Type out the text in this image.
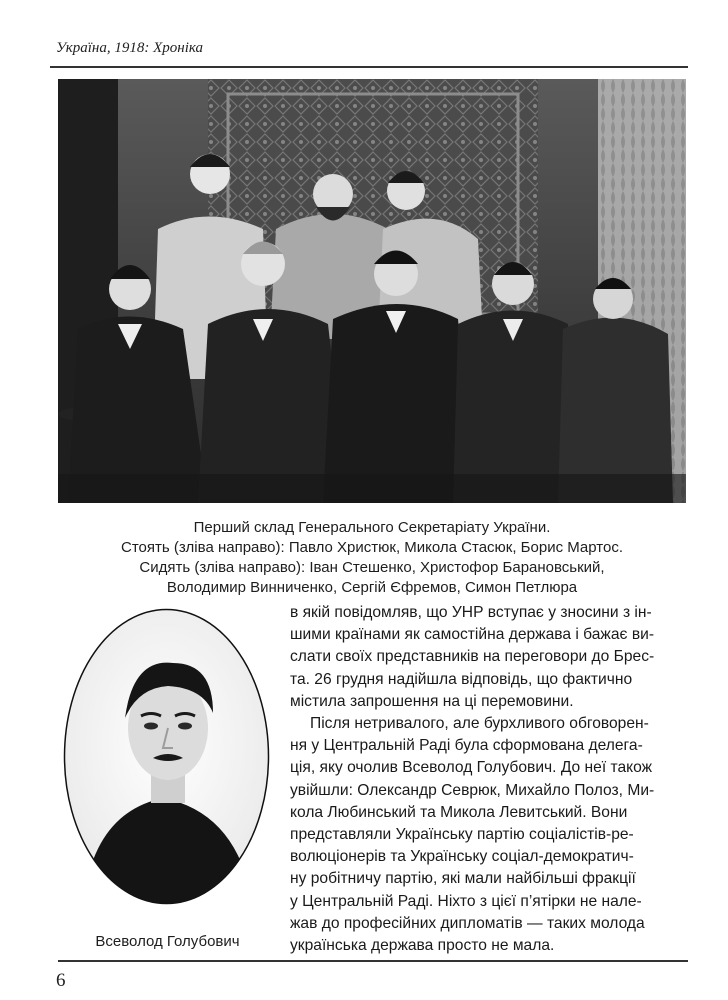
Україна, 1918: Хроніка
Перший склад Генерального Секретаріату України.
Стоять (зліва направо): Павло Христюк, Микола Стасюк, Борис Мартос.
Сидять (зліва направо): Іван Стешенко, Христофор Барановський,
Володимир Винниченко, Сергій Єфремов, Симон Петлюра
Всеволод Голубович
в якій повідомляв, що УНР вступає у зносини з ін-
шими країнами як самостійна держава і бажає ви-
слати своїх представників на переговори до Брес-
та. 26 грудня надійшла відповідь, що фактично
містила запрошення на ці перемовини.
Після нетривалого, але бурхливого обговорен-
ня у Центральній Раді була сформована делега-
ція, яку очолив Всеволод Голубович. До неї також
увійшли: Олександр Севрюк, Михайло Полоз, Ми-
кола Любинський та Микола Левитський. Вони
представляли Українську партію соціалістів-ре-
волюціонерів та Українську соціал-демократич-
ну робітничу партію, які мали найбільші фракції
у Центральній Раді. Ніхто з цієї п’ятірки не нале-
жав до професійних дипломатів — таких молода
українська держава просто не мала.
6
